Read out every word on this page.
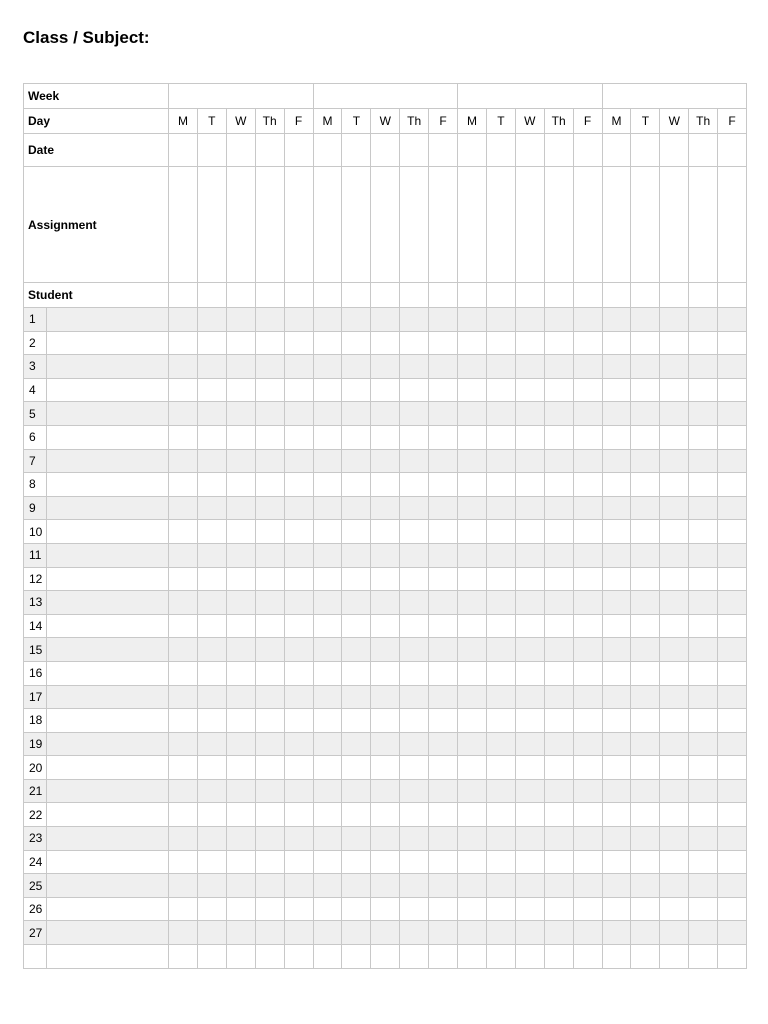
Class / Subject:
Week																					
Day		M	T	W	Th	F	M	T	W	Th	F	M	T	W	Th	F	M	T	W	Th	F
Date																					
Assignment																					
Student																					
1																					
2																					
3																					
4																					
5																					
6																					
7																					
8																					
9																					
10																					
11																					
12																					
13																					
14																					
15																					
16																					
17																					
18																					
19																					
20																					
21																					
22																					
23																					
24																					
25																					
26																					
27																					
